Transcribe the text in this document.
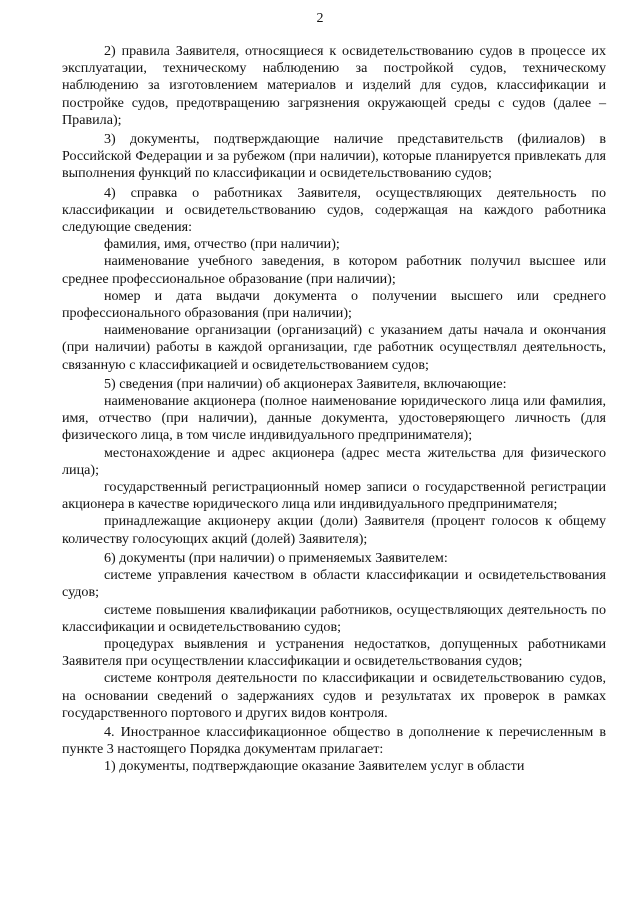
2

2) правила Заявителя, относящиеся к освидетельствованию судов в процессе их эксплуатации, техническому наблюдению за постройкой судов, техническому наблюдению за изготовлением материалов и изделий для судов, классификации и постройке судов, предотвращению загрязнения окружающей среды с судов (далее – Правила);

3) документы, подтверждающие наличие представительств (филиалов) в Российской Федерации и за рубежом (при наличии), которые планируется привлекать для выполнения функций по классификации и освидетельствованию судов;

4) справка о работниках Заявителя, осуществляющих деятельность по классификации и освидетельствованию судов, содержащая на каждого работника следующие сведения:

фамилия, имя, отчество (при наличии);

наименование учебного заведения, в котором работник получил высшее или среднее профессиональное образование (при наличии);

номер и дата выдачи документа о получении высшего или среднего профессионального образования (при наличии);

наименование организации (организаций) с указанием даты начала и окончания (при наличии) работы в каждой организации, где работник осуществлял деятельность, связанную с классификацией и освидетельствованием судов;

5) сведения (при наличии) об акционерах Заявителя, включающие:

наименование акционера (полное наименование юридического лица или фамилия, имя, отчество (при наличии), данные документа, удостоверяющего личность (для физического лица, в том числе индивидуального предпринимателя);

местонахождение и адрес акционера (адрес места жительства для физического лица);

государственный регистрационный номер записи о государственной регистрации акционера в качестве юридического лица или индивидуального предпринимателя;

принадлежащие акционеру акции (доли) Заявителя (процент голосов к общему количеству голосующих акций (долей) Заявителя);

6) документы (при наличии) о применяемых Заявителем:

системе управления качеством в области классификации и освидетельствования судов;

системе повышения квалификации работников, осуществляющих деятельность по классификации и освидетельствованию судов;

процедурах выявления и устранения недостатков, допущенных работниками Заявителя при осуществлении классификации и освидетельствования судов;

системе контроля деятельности по классификации и освидетельствованию судов, на основании сведений о задержаниях судов и результатах их проверок в рамках государственного портового и других видов контроля.

4. Иностранное классификационное общество в дополнение к перечисленным в пункте 3 настоящего Порядка документам прилагает:

1) документы, подтверждающие оказание Заявителем услуг в области
